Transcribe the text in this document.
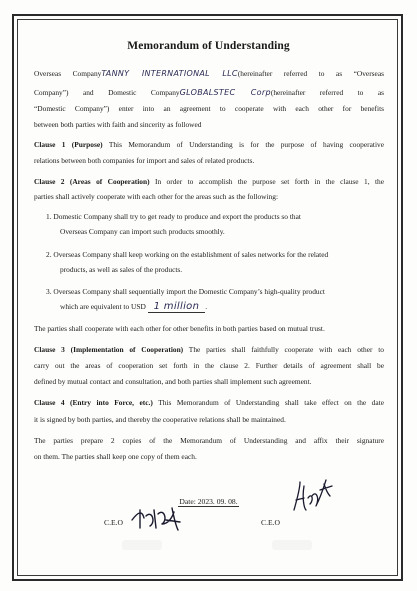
Memorandum of Understanding
Overseas CompanyTANNY INTERNATIONAL LLC(hereinafter referred to as “Overseas
Company”) and Domestic CompanyGLOBALSTEC Corp(hereinafter referred to as
“Domestic Company”) enter into an agreement to cooperate with each other for benefits
between both parties with faith and sincerity as followed
Clause 1 (Purpose) This Memorandum of Understanding is for the purpose of having cooperative
relations between both companies for import and sales of related products.
Clause 2 (Areas of Cooperation) In order to accomplish the purpose set forth in the clause 1, the
parties shall actively cooperate with each other for the areas such as the following:
1. Domestic Company shall try to get ready to produce and export the products so that
Overseas Company can import such products smoothly.
2. Overseas Company shall keep working on the establishment of sales networks for the related
products, as well as sales of the products.
3. Overseas Company shall sequentially import the Domestic Company’s high-quality product
which are equivalent to USD 1 million .
The parties shall cooperate with each other for other benefits in both parties based on mutual trust.
Clause 3 (Implementation of Cooperation) The parties shall faithfully cooperate with each other to
carry out the areas of cooperation set forth in the clause 2. Further details of agreement shall be
defined by mutual contact and consultation, and both parties shall implement such agreement.
Clause 4 (Entry into Force, etc.) This Memorandum of Understanding shall take effect on the date
it is signed by both parties, and thereby the cooperative relations shall be maintained.
The parties prepare 2 copies of the Memorandum of Understanding and affix their signature
on them. The parties shall keep one copy of them each.
Date: 2023. 09. 08.
C.E.O	C.E.O
